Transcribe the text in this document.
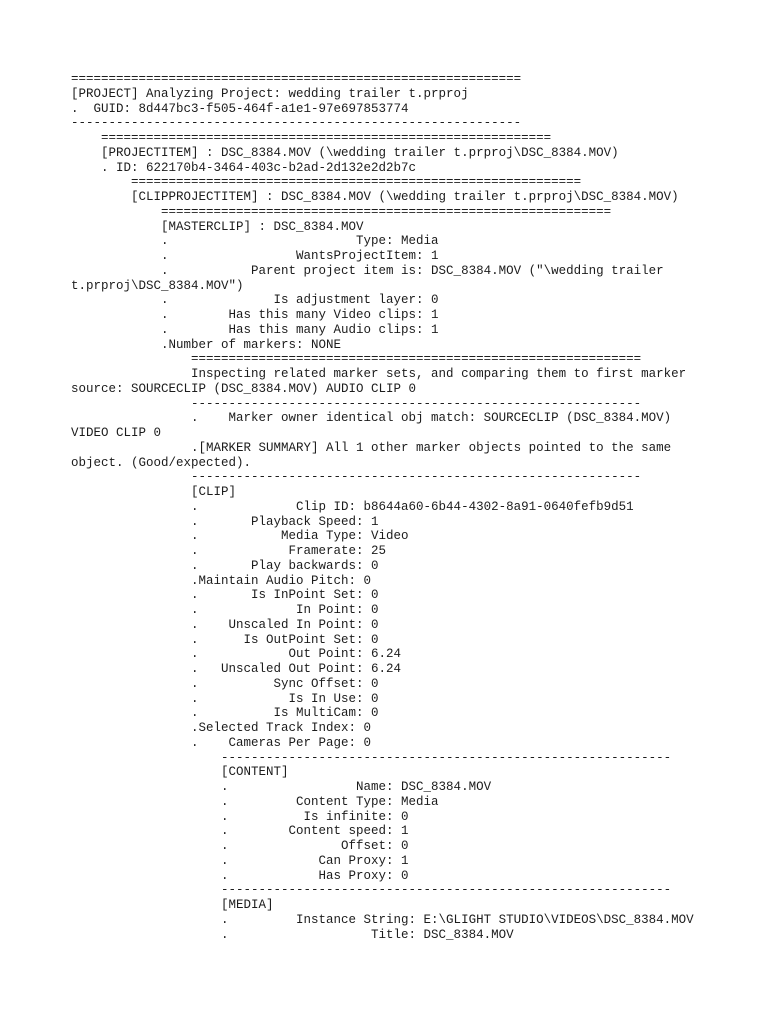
============================================================
[PROJECT] Analyzing Project: wedding trailer t.prproj
.  GUID: 8d447bc3-f505-464f-a1e1-97e697853774
------------------------------------------------------------
============================================================
[PROJECTITEM] : DSC_8384.MOV (\wedding trailer t.prproj\DSC_8384.MOV)
. ID: 622170b4-3464-403c-b2ad-2d132e2d2b7c
============================================================
[CLIPPROJECTITEM] : DSC_8384.MOV (\wedding trailer t.prproj\DSC_8384.MOV)
============================================================
[MASTERCLIP] : DSC_8384.MOV
.                         Type: Media
.                 WantsProjectItem: 1
.           Parent project item is: DSC_8384.MOV ("\wedding trailer
t.prproj\DSC_8384.MOV")
.              Is adjustment layer: 0
.        Has this many Video clips: 1
.        Has this many Audio clips: 1
.Number of markers: NONE
============================================================
Inspecting related marker sets, and comparing them to first marker
source: SOURCECLIP (DSC_8384.MOV) AUDIO CLIP 0
------------------------------------------------------------
.    Marker owner identical obj match: SOURCECLIP (DSC_8384.MOV)
VIDEO CLIP 0
.[MARKER SUMMARY] All 1 other marker objects pointed to the same
object. (Good/expected).
------------------------------------------------------------
[CLIP]
.             Clip ID: b8644a60-6b44-4302-8a91-0640fefb9d51
.       Playback Speed: 1
.           Media Type: Video
.            Framerate: 25
.       Play backwards: 0
.Maintain Audio Pitch: 0
.       Is InPoint Set: 0
.             In Point: 0
.    Unscaled In Point: 0
.      Is OutPoint Set: 0
.            Out Point: 6.24
.   Unscaled Out Point: 6.24
.          Sync Offset: 0
.            Is In Use: 0
.          Is MultiCam: 0
.Selected Track Index: 0
.    Cameras Per Page: 0
------------------------------------------------------------
[CONTENT]
.                 Name: DSC_8384.MOV
.         Content Type: Media
.          Is infinite: 0
.        Content speed: 1
.               Offset: 0
.            Can Proxy: 1
.            Has Proxy: 0
------------------------------------------------------------
[MEDIA]
.         Instance String: E:\GLIGHT STUDIO\VIDEOS\DSC_8384.MOV
.                   Title: DSC_8384.MOV
